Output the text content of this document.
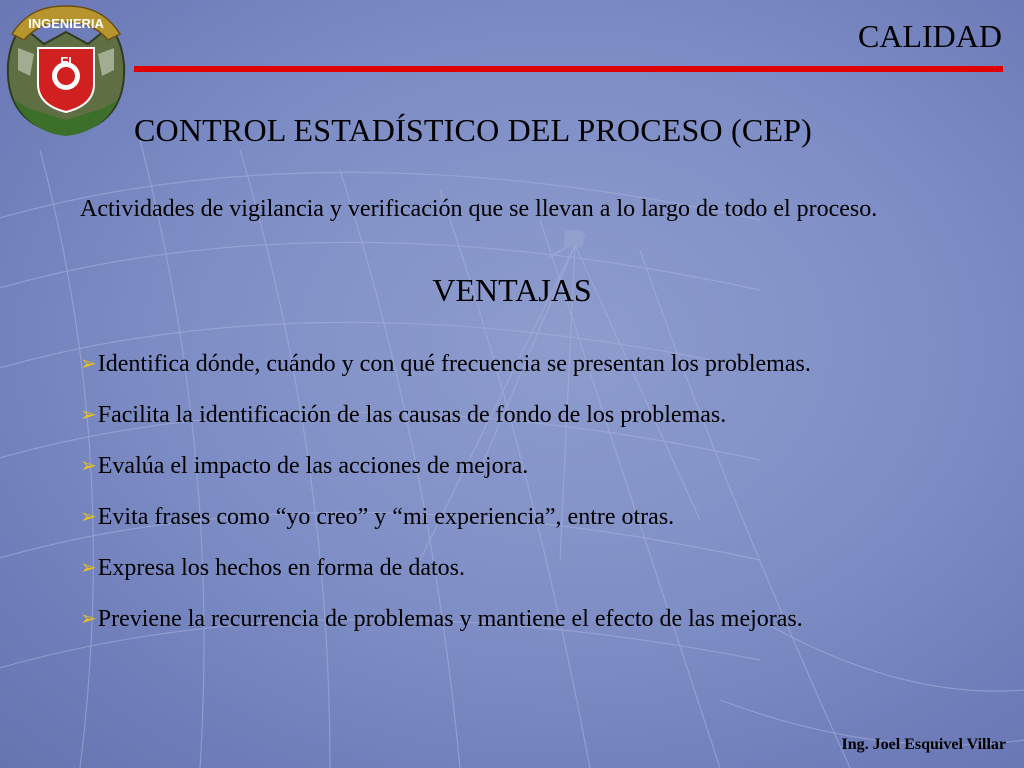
INGENIERIA
FI
CALIDAD
CONTROL ESTADÍSTICO DEL PROCESO (CEP)
Actividades de vigilancia y verificación que se llevan a lo largo de todo el proceso.
VENTAJAS
➢Identifica dónde, cuándo y con qué frecuencia se presentan los problemas.
➢Facilita la identificación de las causas de fondo de los problemas.
➢Evalúa el impacto de las acciones de mejora.
➢Evita frases como “yo creo” y “mi experiencia”, entre otras.
➢Expresa los hechos en forma de datos.
➢Previene la recurrencia de problemas y mantiene el efecto de las mejoras.
Ing. Joel Esquivel Villar
